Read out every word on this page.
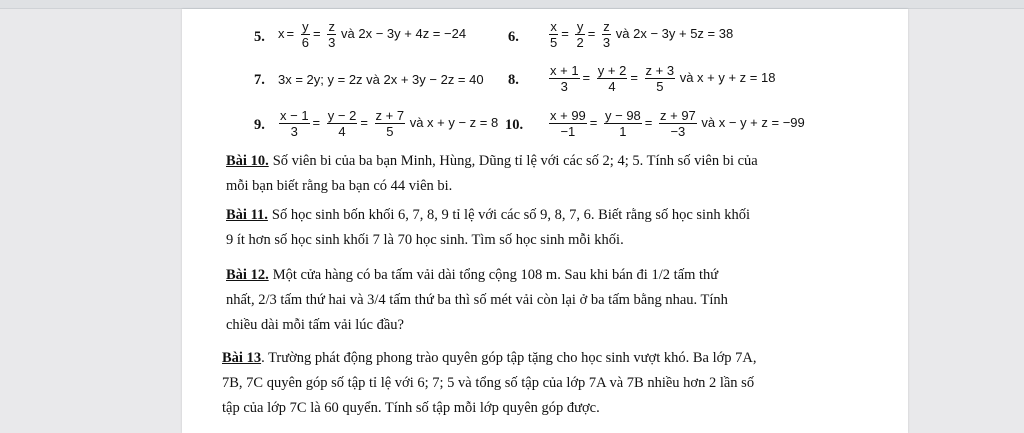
5. $x = \frac{y}{6} = \frac{z}{3}$ và 2x − 3y + 4z = −24	6. $\frac{x}{5} = \frac{y}{2} = \frac{z}{3}$ và 2x − 3y + 5z = 38
7. 3x = 2y; y = 2z và 2x + 3y − 2z = 40 8. $\frac{x + 1}{3} = \frac{y + 2}{4} = \frac{z + 3}{5}$ và x + y + z = 18
9. $\frac{x - 1}{3} = \frac{y - 2}{4} = \frac{z + 7}{5}$ và x + y − z = 8 10. $\frac{x + 99}{-1} = \frac{y - 98}{1} = \frac{z + 97}{-3}$ và x − y + z = −99
Bài 10. Số viên bi của ba bạn Minh, Hùng, Dũng tỉ lệ với các số 2; 4; 5. Tính số viên bi của
mỗi bạn biết rằng ba bạn có 44 viên bi.
Bài 11. Số học sinh bốn khối 6, 7, 8, 9 tỉ lệ với các số 9, 8, 7, 6. Biết rằng số học sinh khối
9 ít hơn số học sinh khối 7 là 70 học sinh. Tìm số học sinh mỗi khối.
Bài 12. Một cửa hàng có ba tấm vải dài tổng cộng 108 m. Sau khi bán đi 1/2 tấm thứ
nhất, 2/3 tấm thứ hai và 3/4 tấm thứ ba thì số mét vải còn lại ở ba tấm bằng nhau. Tính
chiều dài mỗi tấm vải lúc đầu?
Bài 13. Trường phát động phong trào quyên góp tập tặng cho học sinh vượt khó. Ba lớp 7A,
7B, 7C quyên góp số tập tỉ lệ với 6; 7; 5 và tổng số tập của lớp 7A và 7B nhiều hơn 2 lần số
tập của lớp 7C là 60 quyển. Tính số tập mỗi lớp quyên góp được.
